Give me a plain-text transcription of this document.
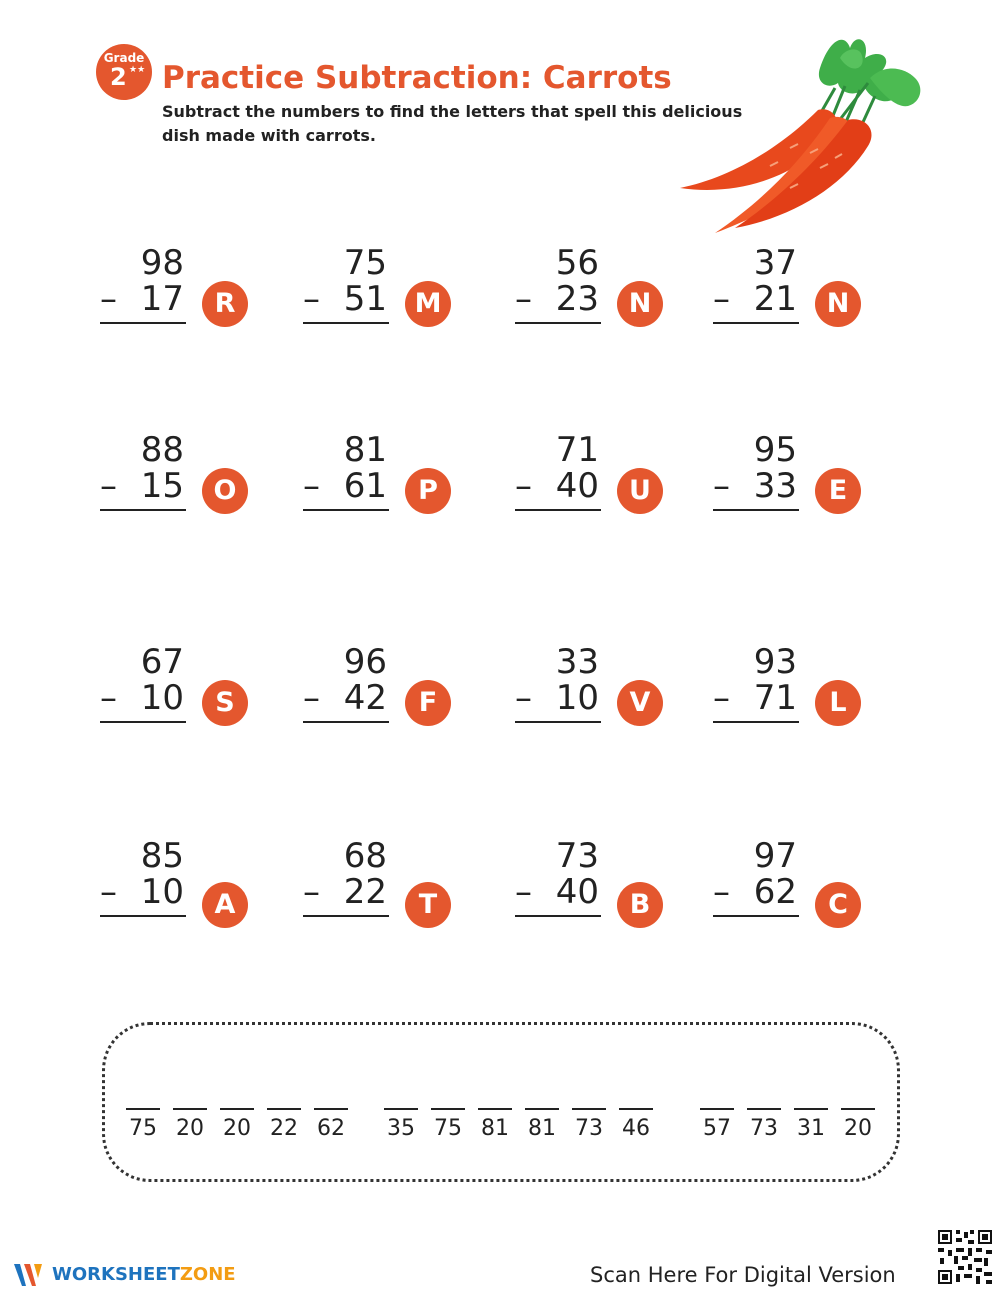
Grade
2 ★★ Practice Subtraction: Carrots
Subtract the numbers to find the letters that spell this delicious dish made with carrots.
98
– 17	R
75
– 51	M
56
– 23	N
37
– 21	N
88
– 15	O
81
– 61	P
71
– 40	U
95
– 33	E
67
– 10	S
96
– 42	F
33
– 10	V
93
– 71	L
85
– 10	A
68
– 22	T
73
– 40	B
97
– 62	C
75 20 20 22 62 35 75 81 81 73 46 57 73 31 20
WORKSHEETZONE	Scan Here For Digital Version
